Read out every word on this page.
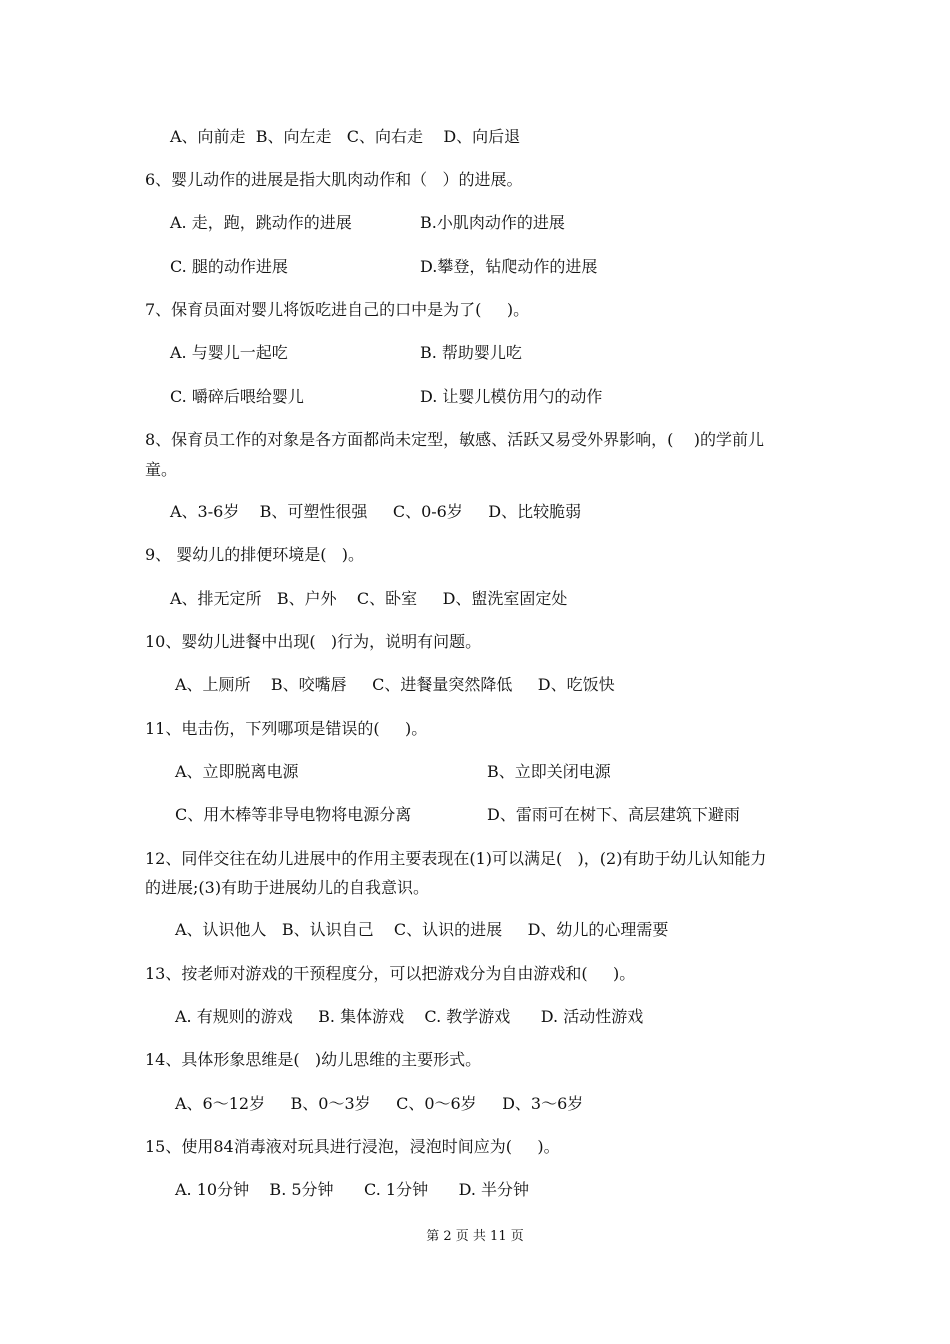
A、向前走  B、向左走   C、向右走    D、向后退

6、婴儿动作的进展是指大肌肉动作和（   ）的进展。

A. 走，跑，跳动作的进展	B.小肌肉动作的进展

C. 腿的动作进展	D.攀登，钻爬动作的进展

7、保育员面对婴儿将饭吃进自己的口中是为了(     )。

A. 与婴儿一起吃	B. 帮助婴儿吃

C. 嚼碎后喂给婴儿	D. 让婴儿模仿用勺的动作

8、保育员工作的对象是各方面都尚未定型，敏感、活跃又易受外界影响，(    )的学前儿

童。

A、3-6岁    B、可塑性很强     C、0-6岁     D、比较脆弱

9、 婴幼儿的排便环境是(   )。

A、排无定所   B、户外    C、卧室     D、盥洗室固定处

10、婴幼儿进餐中出现(   )行为，说明有问题。

A、上厕所    B、咬嘴唇     C、进餐量突然降低     D、吃饭快

11、电击伤，下列哪项是错误的(     )。

A、立即脱离电源	B、立即关闭电源

C、用木棒等非导电物将电源分离	D、雷雨可在树下、高层建筑下避雨

12、同伴交往在幼儿进展中的作用主要表现在(1)可以满足(   )，(2)有助于幼儿认知能力

的进展;(3)有助于进展幼儿的自我意识。

A、认识他人   B、认识自己    C、认识的进展     D、幼儿的心理需要

13、按老师对游戏的干预程度分，可以把游戏分为自由游戏和(     )。

A. 有规则的游戏     B. 集体游戏    C. 教学游戏      D. 活动性游戏

14、具体形象思维是(   )幼儿思维的主要形式。

A、6～12岁     B、0～3岁     C、0～6岁     D、3～6岁

15、使用84消毒液对玩具进行浸泡，浸泡时间应为(     )。

A. 10分钟    B. 5分钟      C. 1分钟      D. 半分钟

第 2 页 共 11 页
